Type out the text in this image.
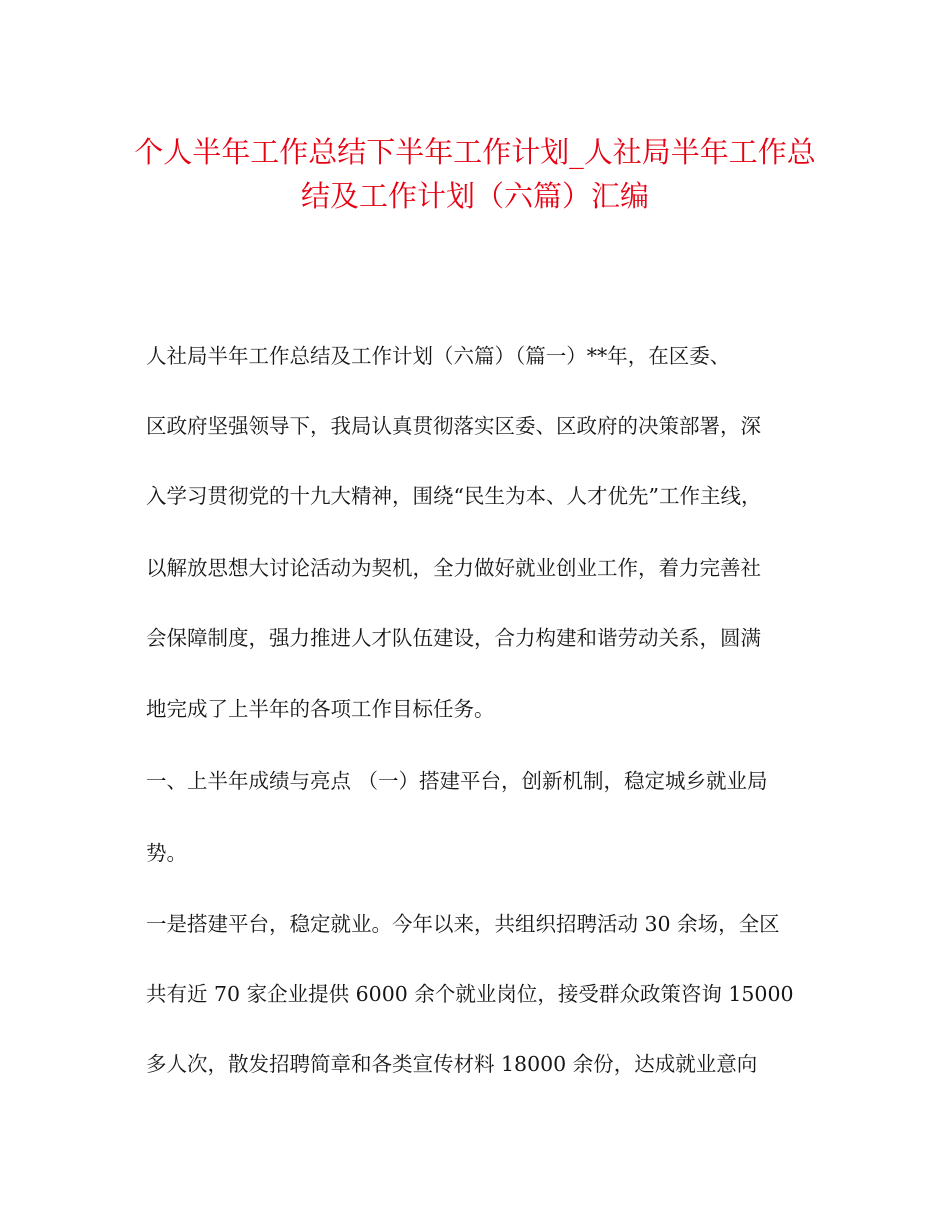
个人半年工作总结下半年工作计划_人社局半年工作总
结及工作计划（六篇）汇编
人社局半年工作总结及工作计划（六篇）（篇一）**年，在区委、
区政府坚强领导下，我局认真贯彻落实区委、区政府的决策部署，深
入学习贯彻党的十九大精神，围绕“民生为本、人才优先”工作主线，
以解放思想大讨论活动为契机，全力做好就业创业工作，着力完善社
会保障制度，强力推进人才队伍建设，合力构建和谐劳动关系，圆满
地完成了上半年的各项工作目标任务。
一、上半年成绩与亮点 （一）搭建平台，创新机制，稳定城乡就业局
势。
一是搭建平台，稳定就业。今年以来，共组织招聘活动 30 余场，全区
共有近 70 家企业提供 6000 余个就业岗位，接受群众政策咨询 15000
多人次，散发招聘简章和各类宣传材料 18000 余份，达成就业意向
